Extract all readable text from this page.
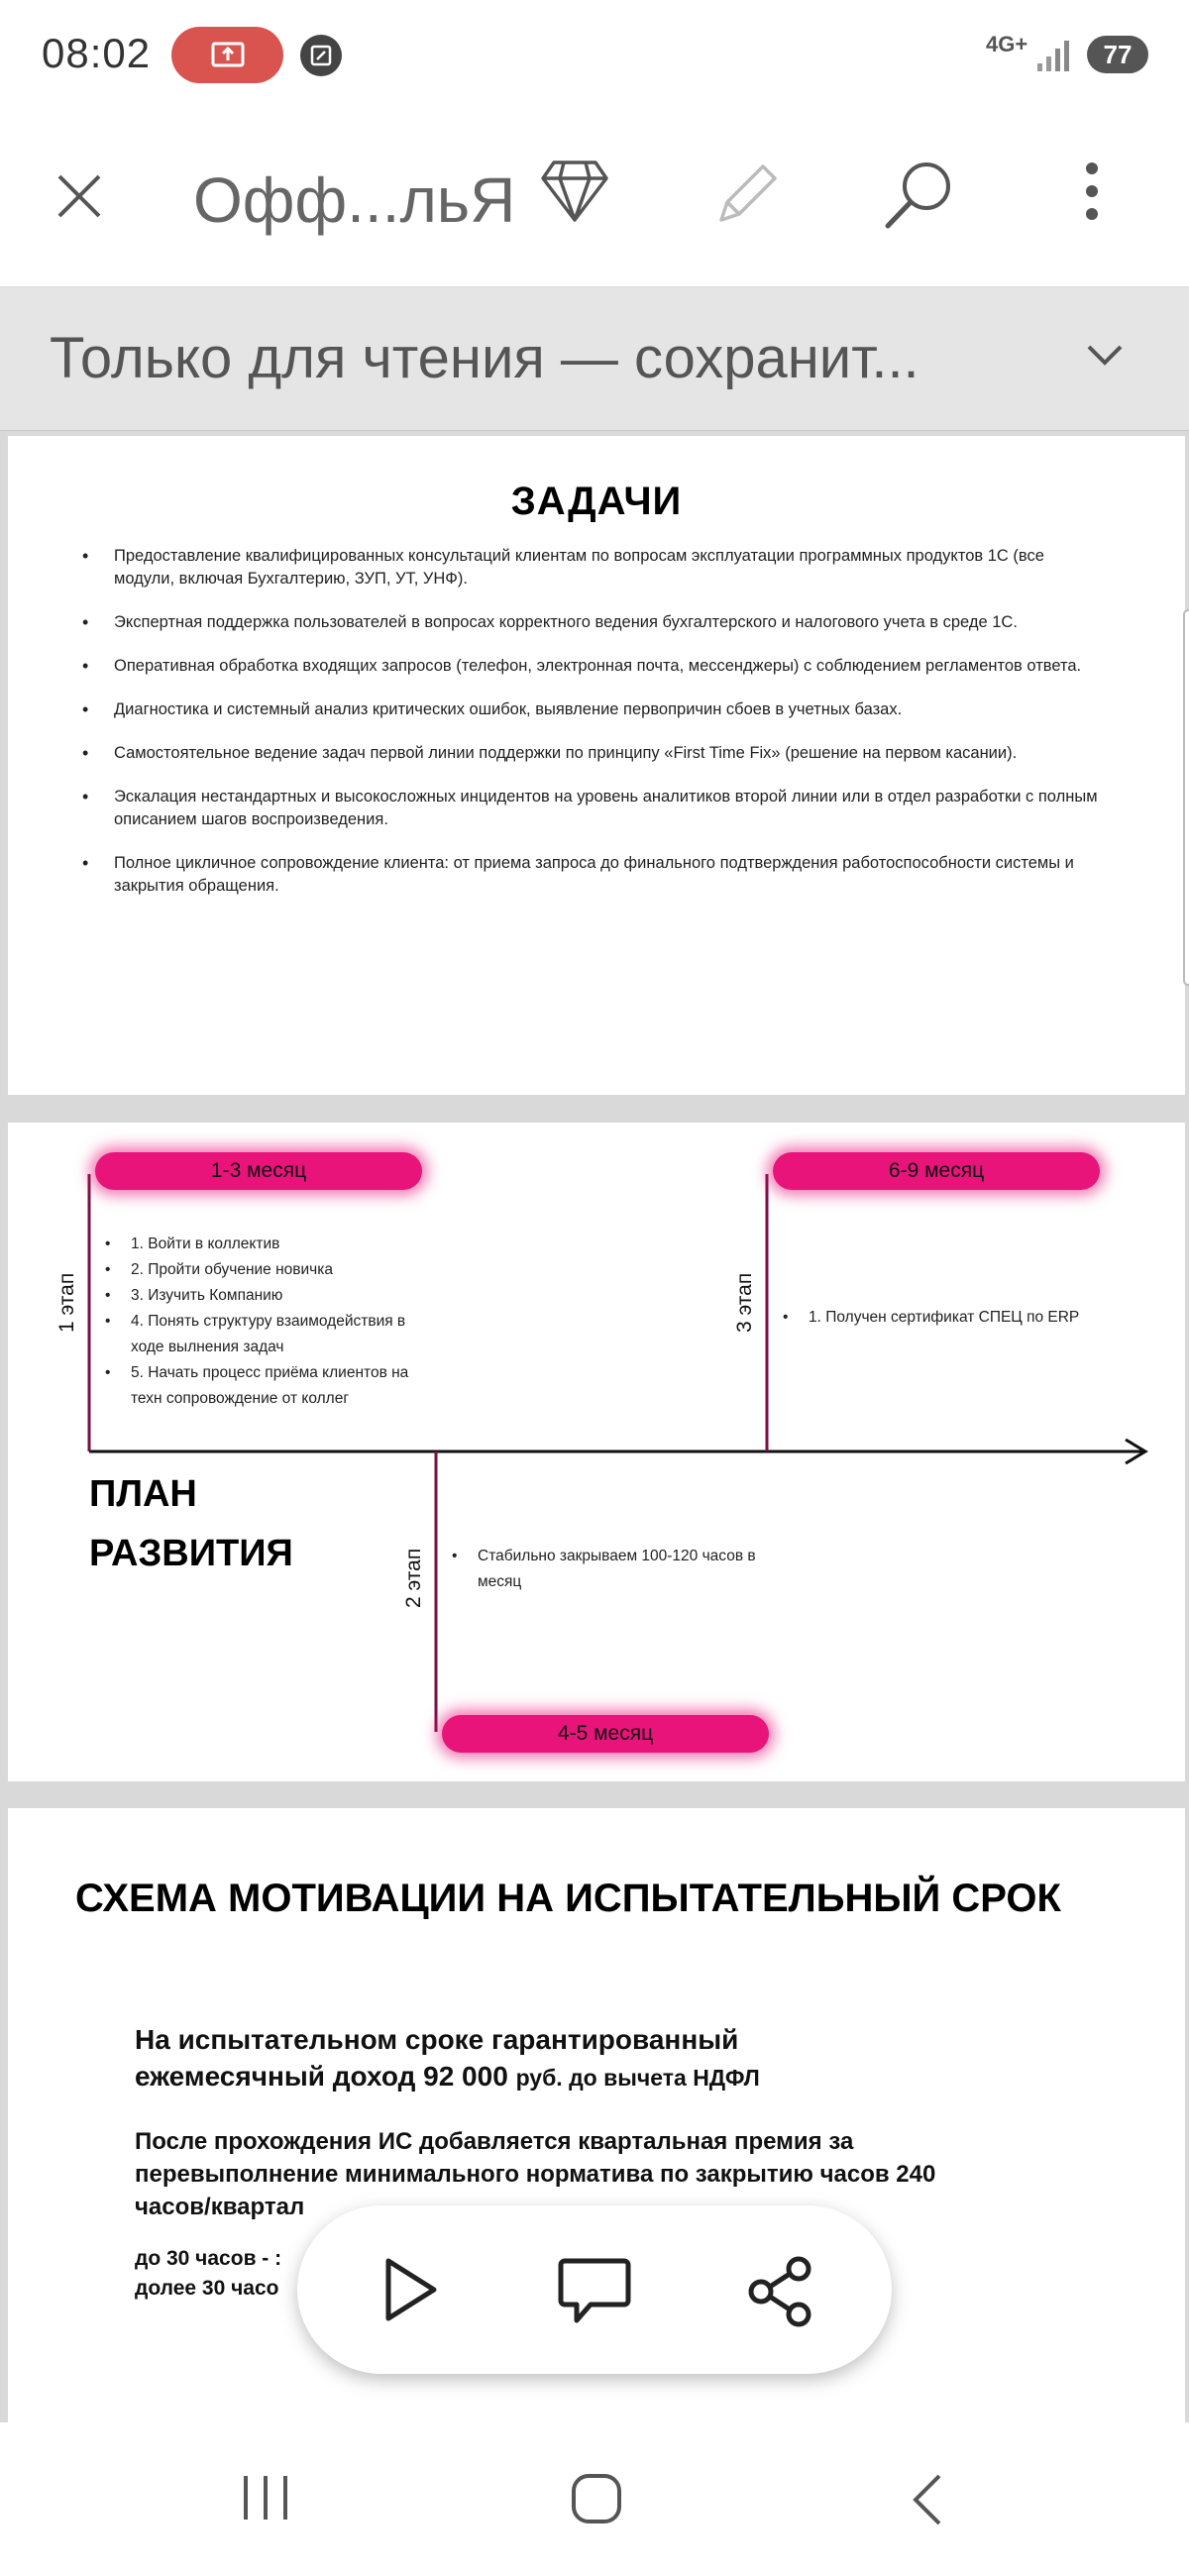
08:02	4G+	77
Офф...льЯ
Только для чтения — сохранит...
ЗАДАЧИ
• Предоставление квалифицированных консультаций клиентам по вопросам эксплуатации программных продуктов 1С (все модули, включая Бухгалтерию, ЗУП, УТ, УНФ).
• Экспертная поддержка пользователей в вопросах корректного ведения бухгалтерского и налогового учета в среде 1С.
• Оперативная обработка входящих запросов (телефон, электронная почта, мессенджеры) с соблюдением регламентов ответа.
• Диагностика и системный анализ критических ошибок, выявление первопричин сбоев в учетных базах.
• Самостоятельное ведение задач первой линии поддержки по принципу «First Time Fix» (решение на первом касании).
• Эскалация нестандартных и высокосложных инцидентов на уровень аналитиков второй линии или в отдел разработки с полным описанием шагов воспроизведения.
• Полное цикличное сопровождение клиента: от приема запроса до финального подтверждения работоспособности системы и закрытия обращения.
1-3 месяц
4-5 месяц
6-9 месяц
1 этап
2 этап
3 этап
• 1. Войти в коллектив
• 2. Пройти обучение новичка
• 3. Изучить Компанию
• 4. Понять структуру взаимодействия в ходе вылнения задач
• 5. Начать процесс приёма клиентов на техн сопровождение от коллег
• Стабильно закрываем 100-120 часов в месяц
• 1. Получен сертификат СПЕЦ по ERP
ПЛАН
РАЗВИТИЯ
СХЕМА МОТИВАЦИИ НА ИСПЫТАТЕЛЬНЫЙ СРОК
На испытательном сроке гарантированный
ежемесячный доход 92 000 руб. до вычета НДФЛ
После прохождения ИС добавляется квартальная премия за перевыполнение минимального норматива по закрытию часов 240 часов/квартал
до 30 часов - :
долее 30 часо
